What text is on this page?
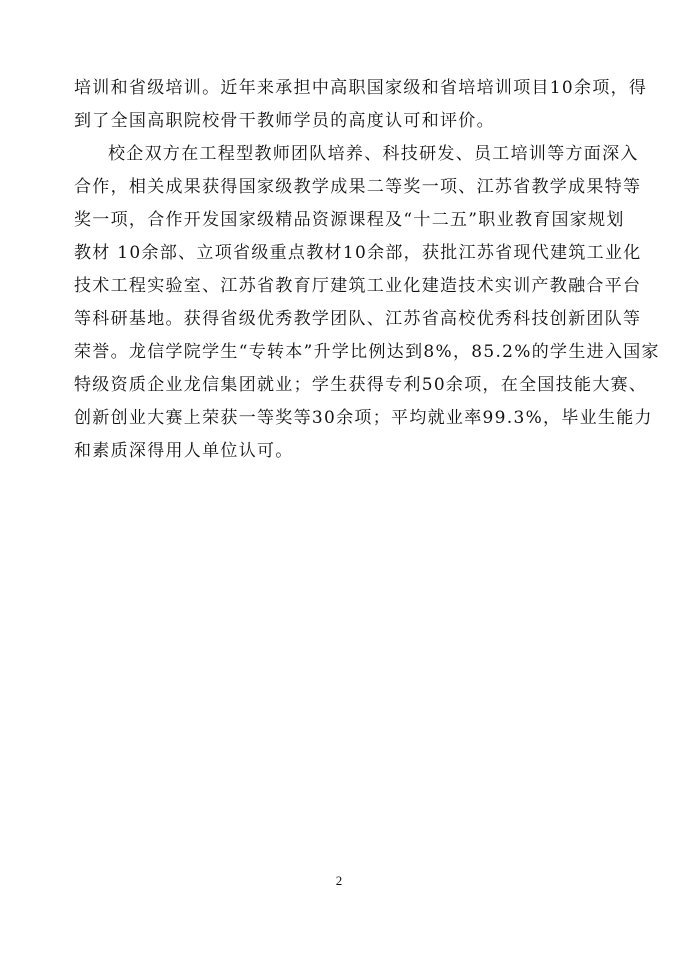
培训和省级培训。近年来承担中高职国家级和省培培训项目10余项，得
到了全国高职院校骨干教师学员的高度认可和评价。
校企双方在工程型教师团队培养、科技研发、员工培训等方面深入
合作，相关成果获得国家级教学成果二等奖一项、江苏省教学成果特等
奖一项，合作开发国家级精品资源课程及“十二五”职业教育国家规划
教材 10余部、立项省级重点教材10余部，获批江苏省现代建筑工业化
技术工程实验室、江苏省教育厅建筑工业化建造技术实训产教融合平台
等科研基地。获得省级优秀教学团队、江苏省高校优秀科技创新团队等
荣誉。龙信学院学生“专转本”升学比例达到8%，85.2%的学生进入国家
特级资质企业龙信集团就业；学生获得专利50余项，在全国技能大赛、
创新创业大赛上荣获一等奖等30余项；平均就业率99.3%，毕业生能力
和素质深得用人单位认可。
2
